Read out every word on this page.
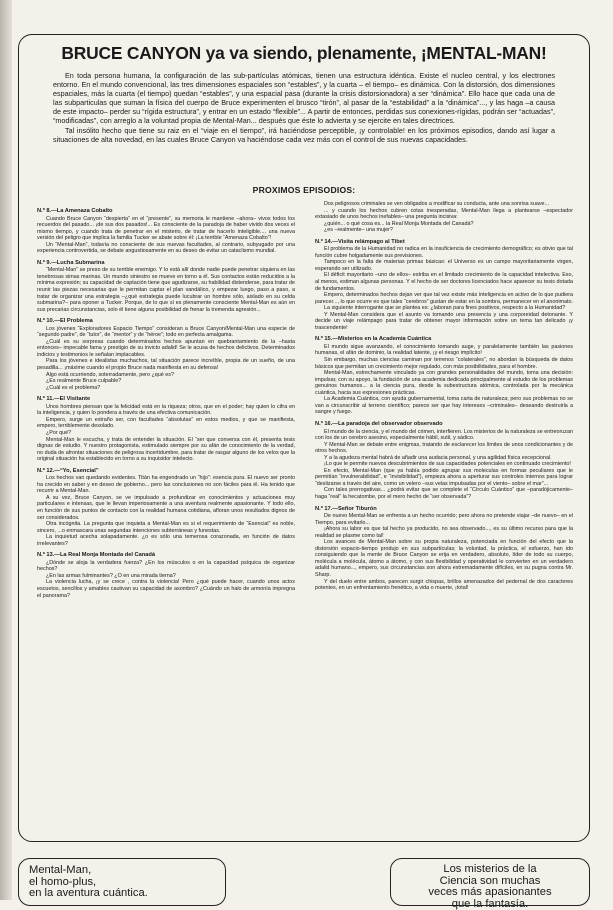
BRUCE CANYON ya va siendo, plenamente, ¡MENTAL-MAN!

En toda persona humana, la configuración de las sub-partículas atómicas, tienen una estructura idéntica. Existe el nucleo central, y los electrones entorno. En el mundo convencional, las tres dimensiones espaciales son “estables”, y la cuarta – el tiempo– es dinámica. Con la distorsión, dos dimensiones espaciales, más la cuarta (el tiempo) quedan “estables”, y una espacial pasa (durante la crisis distorsionadora) a ser “dinámica”. Ello hace que cada una de las subparticulas que suman la física del cuerpo de Bruce experimenten el brusco “tirón”, al pasar de la “estabilidad” a la “dinámica”..., y las haga –a causa de este impacto– perder su “rígida estructura”, y entrar en un estado “flexible”... A partir de entonces, perdidas sus conexiones-rígidas, podrán ser “actuadas”, “modificadas”, con arreglo a la voluntad propia de Mental-Man... después que éste lo advierta y se ejercite en tales directrices.

Tal insólito hecho que tiene su raiz en el “viaje en el tiempo”, irá haciéndose perceptible, ¡y controlable! en los próximos episodios, dando así lugar a situaciones de alta novedad, en las cuales Bruce Canyon va haciéndose cada vez más con el control de sus nuevas capacidades.

PROXIMOS EPISODIOS:
N.º 8.—La Amenaza Cobalto

Cuando Bruce Canyon “despierta” en el “presente”, su memoria le mantiene –ahora– vivos todos los recuerdos del pasado... ¡de sus dos pasados!... Es consciente de la paradoja de haber vivido dos veces el mismo tiempo, y cuando trata de penetrar en el misterio, de tratar de hacerlo inteligible..., una nueva versión del peligro que implica la familia Tucker se abate sobre él: ¡La terrible “Amenaza Cobalto”!

Un “Mental-Man”, todavía no consciente de sus nuevas facultades, al contrario, subyugado por una experiencia controvertida, se debate angustiosamente en su deseo de evitar un cataclismo mundial.

N.º 9.—Lucha Submarina

“Mental-Man” se preso de su terrible enemigo. Y lo está allí donde nadie puede penetrar siquiera en las tenebrosas simas marinas. Un mundo siniestro se mueve en torno a él. Sus contactos están reducidos a la mínima expresión; su capacidad de captación tiene que agudizarse, su habilidad distenderse, para tratar de reunir las piezas necesarias que le permitan captar el plan vandálico, y empezar luego, paso a paso, a tratar de organizar una estrategia –¿qué estrategia puede lucubrar un hombre sólo, aislado en su celda submarina?– para oponer a Tucker. Porque, de lo que sí es plenamente consciente Mental-Man es aún en sus precarias circunstancias, solo él tiene alguna posibilidad de frenar la tremenda agresión...

N.º 10.—El Problema

Los jóvenes “Exploradores Espacio Tiempo” consideran a Bruce Canyon/Mental-Man una especie de “segundo padre”, de “tutor”, de “mentor” y de “héroe”; todo en perfecta amalgama.

¿Cuál es su sorpresa cuando determinados hechos apuntan en quebrantamiento de la –hasta entonces– impecable fama y prestigio de su invicto adalid! Se le acusa de hechos delictivos. Determinados indicios y testimonios le señalan implacables.

Para los jóvenes e idealistas muchachos, tal situación parece increíble, propia de un sueño, de una pesadilla... ¡máxime cuando el propio Bruce nada manifiesta en su defensa!

Algo está ocurriendo, soterradamente, pero ¿qué es?

¿Es realmente Bruce culpable?

¿Cuál es el problema?

N.º 11.—El Visitante

Unos hombres piensan que la felicidad está en la riqueza; otros, que en el poder; hay quien lo cifra en la inteligencia, y quien lo pondera a través de una efectiva comunicación.

Empero, surge un extraño ser, con facultades “absolutas” en estos medios, y que se manifiesta, empero, terriblemente desolado.

¿Por qué?

Mental-Man le escucha, y trata de entender la situación. El “ser que conversa con él, presenta tesis dignas de estudio. Y nuestro protagonista, estimulado siempre por su afán de conocimiento de la verdad, no duda de afrontar situaciones de peligrosa incertidumbre, para tratar de rasgar alguno de los velos que la original situación ha establecido en torno a su inquisidor intelecto.

N.º 12.—“Yo, Esencial”

Los hechos van quedando evidentes. Titán ha engendrado un “hijo”: esencia pura. El nuevo ser pronto ha crecido en saber y en deseo de gobierno... pero las conclusiones no son fáciles para él. Ha tenido que recurrir a Mental-Man.

A su vez, Bruce Canyon, se ve impulsado a profundizar en conocimientos y actuaciones muy particulares e intensas, que le llevan imperiosamente a una aventura realmente apasionante. Y todo ello, en función de sus puntos de contacto con la realidad humana cotidiana, afloran unos resultados dignos de ser considerados.

Otra incógnita. La pregunta que inquieta a Mental-Man es si el requerimiento de “Esencial” es noble, sincero, ...o enmascara unas segundas intenciones subterráneas y funestas.

La inquietud acecha solapadamente. ¿o es sólo una temerosa corazonada, en función de datos irrelevantes?

N.º 13.—La Real Monja Montada del Canadá

¿Dónde se aloja la verdadera fuerza? ¿En los músculos o en la capacidad psíquica de organizar hechos?

¿En las armas fulminantes? ¿O en una mirada tierna?

La violencia lucha, ¡y se crece , contra la violencia! Pero ¿qué puede hacer, cuando unos actos escuetos, sencillos y amables cautivan su capacidad de asombro? ¿Cuándo un halo de armonía impregna el panorama?

Dos peligrosos criminales se ven obligados a modificar su conducta, ante una sonrisa suave...

... y cuando los hechos cubren cotas inesperadas, Mental-Man llega a plantearse –espectador extasiado de unos hechos inefables– una pregunta incisiva:

¿quién... o qué cosa es... la Real Monja Montada del Canadá?

¿es –realmente– una mujer?

N.º 14.—Visita relámpago al Tibet

El problema de la Humanidad no radica en la insuficiencia de crecimiento demográfico; es obvio que tal función cubre holgadamente sus previsiones.

Tampoco en la falta de materias primas básicas: el Universo es un campo mayoritariamente virgen, esperando ser utilizado.

El déficit mayoritario –uno de ellos– estriba en el limitado crecimiento de la capacidad intelectiva. Eso, al menos, estiman algunas personas. Y el hecho de ser doctores licenciados hace aparecer su tesis dotada de fundamentos.

Empero, determinados hechos dejan ver que tal vez existe más inteligencia en activo de lo que pudiera parecer..., lo que ocurre es que tales “cerebros” gustan de estar en la sombra, permanecer en el anonimato.

La siguiente interrogante que se plantea es: ¿laboran para fines positivos, respecto a la Humanidad?

Y Mental-Man considera que el asunto va tomando una presencia y una corporeidad detonante. Y decide un viaje relámpago para tratar de obtener mayor información sobre un tema tan delicado ¡y trascendente!

N.º 15.—Misterios en la Academia Cuántica

El mundo sigue avanzando, el conocimiento tomando auge, y paralelamente también las pasiones humanas, el afán de dominio, la realidad latente, ¡y el riesgo implícito!

Sin embargo, muchas ciencias caminan por terrenos “colaterales”, no abordan la búsqueda de datos básicos que permitan un crecimiento mejor regulado, con más posibilidades, para el hombre.

Mental-Man, estrechamente vinculado ya con grandes personalidades del mundo, toma una decisión: impulsar, con su apoyo, la fundación de una academia dedicada principalmente al estudio de los problemas genuinos humanos... a la ciencia pura, desde la subestructura atómica, controlada por la mecánica cuántica, hacia sus expresiones prácticas.

La Academia Cuántica, con ayuda gubernamental, toma carta de naturaleza; pero sus problemas no se van a circunscribir al terreno científico; parece ser que hay intereses –criminales– deseando destruirla a sangre y fuego.

N.º 16.—La paradoja del observador observado

El mundo de la ciencia, y el mundo del crimen, interfieren. Los misterios de la naturaleza se entreoruzan con los de un cerebro asesino, especialmente hábil, sutil, y sádico.

Y Mental-Man se debate entre enigmas, tratando de esclarecer los límites de unos condicionantes y de otros hechos.

Y a la agudeza mental habrá de añadir una audacia personal, y una agilidad física excepcional.

¡Lo que le permite nuevos descubrimientos de sus capacidades potenciales en continuado crecimiento!

En efecto, Mental-Man (que ya había podido agrupar sus moleculas en formas peculiares que le permitían “invulnerabilidad”, e “invisibilidad”), empieza ahora a aperturar sus controles internos para lograr “deslizarse a través del aire, como un velero –sus velas impulsadas por el viento– sobre el mar”...

Con tales prerrogativas... ¿podrá evitar que se complete el “Círculo Cuántico” que –paradójicamente– haga “real” la hecatombe, por el mero hecho de “ser observada”?

N.º 17.—Señor Tiburón

De nuevo Mental-Man se enfrenta a un hecho ocurrido; pero ahora no pretende viajar –de nuevo– en el Tiempo, para evitarlo...

¡Ahora su labor es que tal hecho ya producido, no sea observado..., es su último recurso para que la realidad se plasme como tal!

Los avances de Mental-Man sobre su propia naturaleza, potenciada en función del efecto que la distorsión espacio-tiempo produjo en sus subpartículas; la voluntad, la práctica, el esfuerzo, han ido consiguiendo que la mente de Bruce Canyon se erija en verdadero, absoluto, líder de todo su cuerpo, molécula a molécula, átomo a átomo, y con sus flexibilidad y operatividad le convierten en un verdadero adalid humano..., empero, sus circunstancias son ahora extremadamente difíciles, en su pugna contra Mr. Sharp.

Y del duelo entre ambos, parecen surgir chispas, brillos amenazados del pedernal de dos caracteres potentes, en un enfrentamiento frenético, a vida o muerte, ¡total!

Mental-Man,
el homo-plus,
en la aventura cuántica.
Los misterios de la
Ciencia son muchas
veces más apasionantes
que la fantasía.
